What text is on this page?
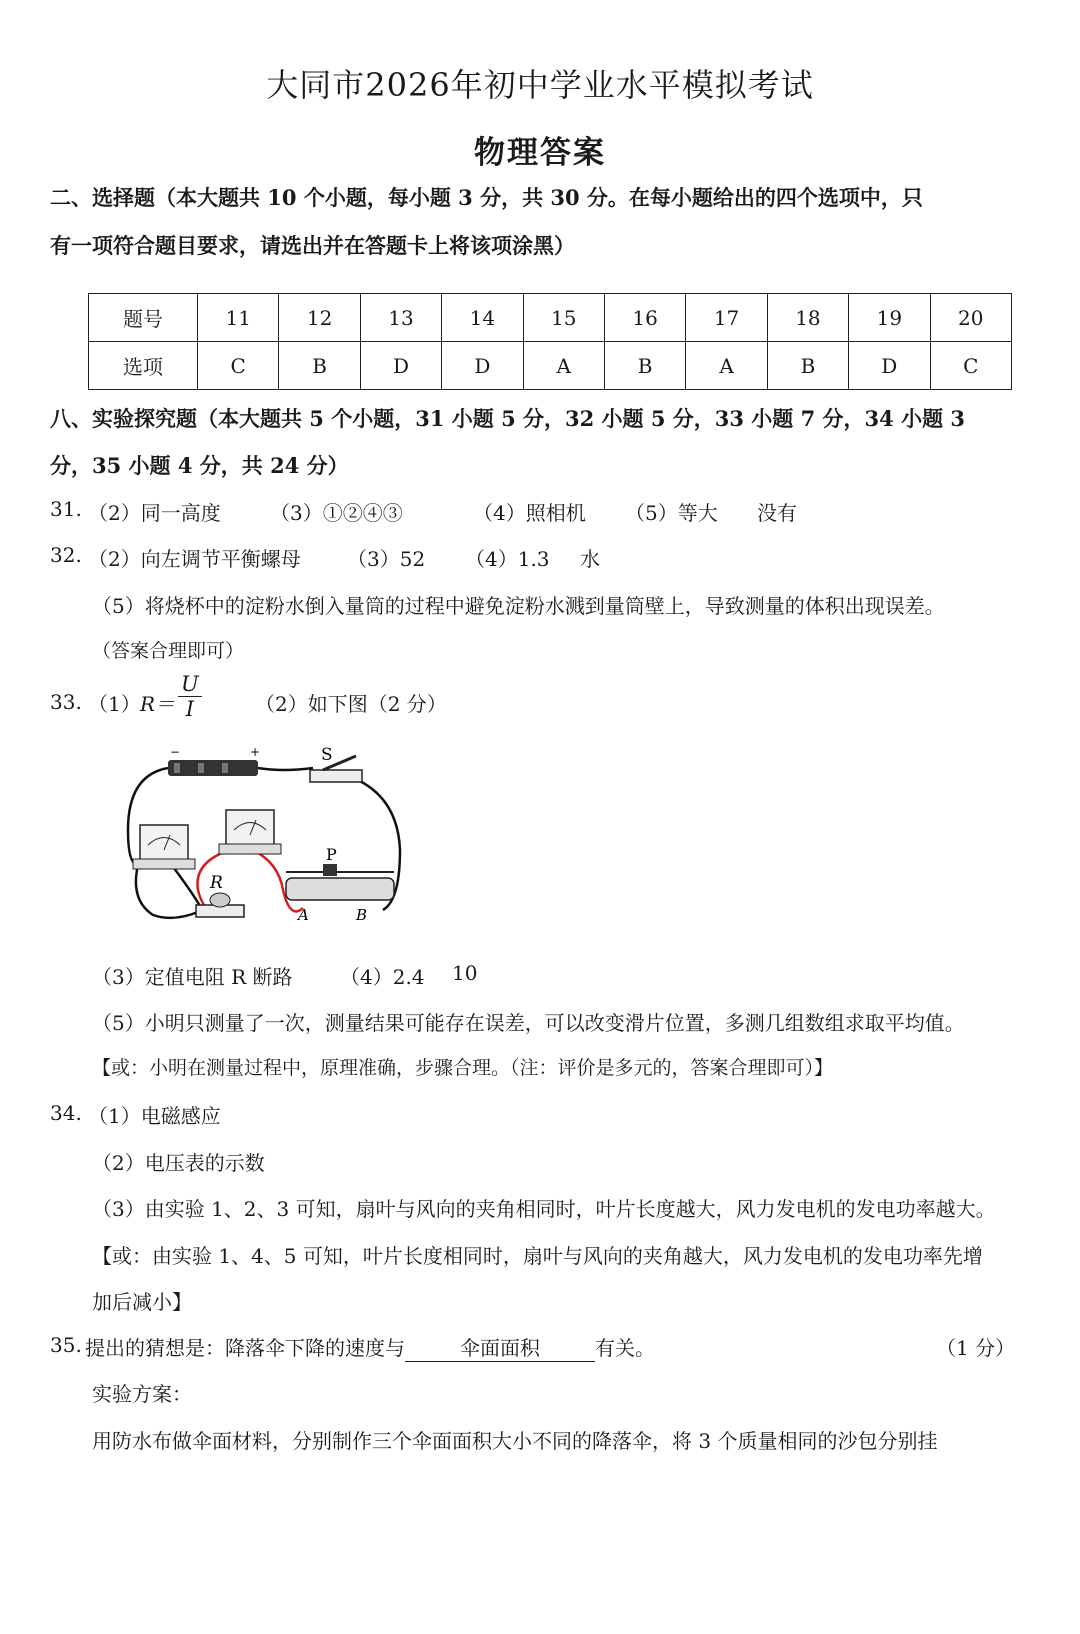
大同市2026年初中学业水平模拟考试
物理答案
二、选择题（本大题共 10 个小题，每小题 3 分，共 30 分。在每小题给出的四个选项中，只
有一项符合题目要求，请选出并在答题卡上将该项涂黑）
题号	11	12	13	14	15	16	17	18	19	20
选项	C	B	D	D	A	B	A	B	D	C
八、实验探究题（本大题共 5 个小题，31 小题 5 分，32 小题 5 分，33 小题 7 分，34 小题 3
分，35 小题 4 分，共 24 分）
31. （2）同一高度 （3）①②④③	（4）照相机 （5）等大 没有
32. （2）向左调节平衡螺母 （3）52 （4）1.3 水
（5）将烧杯中的淀粉水倒入量筒的过程中避免淀粉水溅到量筒壁上，导致测量的体积出现误差。
（答案合理即可）
33. （1） $R= \frac{U}{I}$	（2）如下图（2 分）
−	+	S
R
P
A	B
（3）定值电阻 R 断路 （4）2.4 10
（5）小明只测量了一次，测量结果可能存在误差，可以改变滑片位置，多测几组数组求取平均值。
【或：小明在测量过程中，原理准确，步骤合理。（注：评价是多元的，答案合理即可）】
34. （1）电磁感应
（2）电压表的示数
（3）由实验 1、2、3 可知，扇叶与风向的夹角相同时，叶片长度越大，风力发电机的发电功率越大。
【或：由实验 1、4、5 可知，叶片长度相同时，扇叶与风向的夹角越大，风力发电机的发电功率先增
加后减小】
35. 提出的猜想是：降落伞下降的速度与	伞面面积	有关。	（1 分）
实验方案：
用防水布做伞面材料，分别制作三个伞面面积大小不同的降落伞，将 3 个质量相同的沙包分别挂
